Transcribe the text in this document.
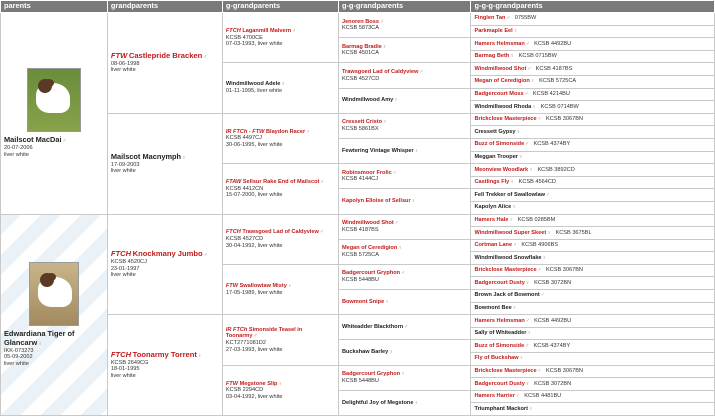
parents	grandparents	g-grandparents	g-g-grandparents	g-g-g-grandparents

Mailscot MacDai♂
20-07-2006
liver white	FTW Castlepride Bracken♂
08-06-1998
liver white	FTCH Laganmill Malvern♂
KCSB 4700CE
07-03-1993, liver white	Jenoren Boss♂
KCSB 5873CA	Finglen Tan♂ 0755BW
				Parkmaple Eel♀
			Barmag Bradie♀
KCSB 4501CA	Hamers Helmsman♂ KCSB 4492BU
				Barmag Beth♀ KCSB 0715BW
		Windmillwood Adele♀
01-11-1995, liver white	Trawsgoed Lad of Caldyview♂
KCSB 4527CD	Windmillwood Shot♂ KCSB 4187BS
				Megan of Ceredigion♀ KCSB 5725CA
			Windmillwood Amy♀	Badgercourt Moss♂ KCSB 4214BU
				Windmillwood Rhoda♀ KCSB 0714BW
	Mailscot Macnymph♀
17-09-2003
liver white	IR FTCh - FTW Blaydon Racer♂
KCSB 4497CJ
30-06-1995, liver white	Cressett Cristo♂
KCSB 5861BX	Brickclose Masterpiece♂ KCSB 3067BN
				Cressett Gypsy♀
			Fewtering Vintage Whisper♀	Buzz of Simonside♂ KCSB 4374BY
				Meggan Trooper♀
		FTAW Sellsur Rake End of Mailscot♀
KCSB 4412CN
15-07-2000, liver white	Robinsmoor Frolic♂
KCSB 4144CJ	Meonview Woodlark♂ KCSB 3892CD
				Castlings Fly♀ KCSB 4564CD
			Kapolyn Elloise of Sellsur♀	Fell Trekker of Swallowlaw♂
				Kapolyn Alice♀

Edwardiana Tiger of Glancarw♀
IKK-073273
05-09-2002
liver white	FTCH Knockmany Jumbo♂
KCSB 4520CJ
23-01-1997
liver white	FTCH Trawsgoed Lad of Caldyview♂
KCSB 4527CD
30-04-1992, liver white	Windmillwood Shot♂
KCSB 4187BS	Hamers Hale♂ KCSB 0285BM
				Windmillwood Super Skeet♀ KCSB 3675BL
			Megan of Ceredigion♀
KCSB 5725CA	Cortman Lane♂ KCSB 4906BS
				Windmillwood Snowflake♀
		FTW Swallowtaw Misty♀
17-05-1989, liver white	Badgercourt Gryphon♂
KCSB 5448BU	Brickclose Masterpiece♂ KCSB 3067BN
				Badgercourt Dusty♀ KCSB 3072BN
			Bowmont Snipe♀	Brown Jack of Bowmont♂
				Bowmont Bee♀
	FTCH Toonarmy Torrent♀
KCSB 2649CG
18-01-1995
liver white	IR FTCh Simonside Teasel in Toonarmy♂
KCT2771081D2
27-03-1993, liver white	Whiteadder Blackthorn♂	Hamers Helmsman♂ KCSB 4492BU
				Sally of Whiteadder♀
			Buckshaw Barley♀	Buzz of Simonside♂ KCSB 4374BY
				Fly of Buckshaw♀
		FTW Megstone Slip♀
KCSB 2294CD
03-04-1992, liver white	Badgercourt Gryphon♂
KCSB 5448BU	Brickclose Masterpiece♂ KCSB 3067BN
				Badgercourt Dusty♀ KCSB 3072BN
			Delightful Joy of Megstone♀	Hamers Harrier♂ KCSB 4481BU
				Triumphant Mackort♀
